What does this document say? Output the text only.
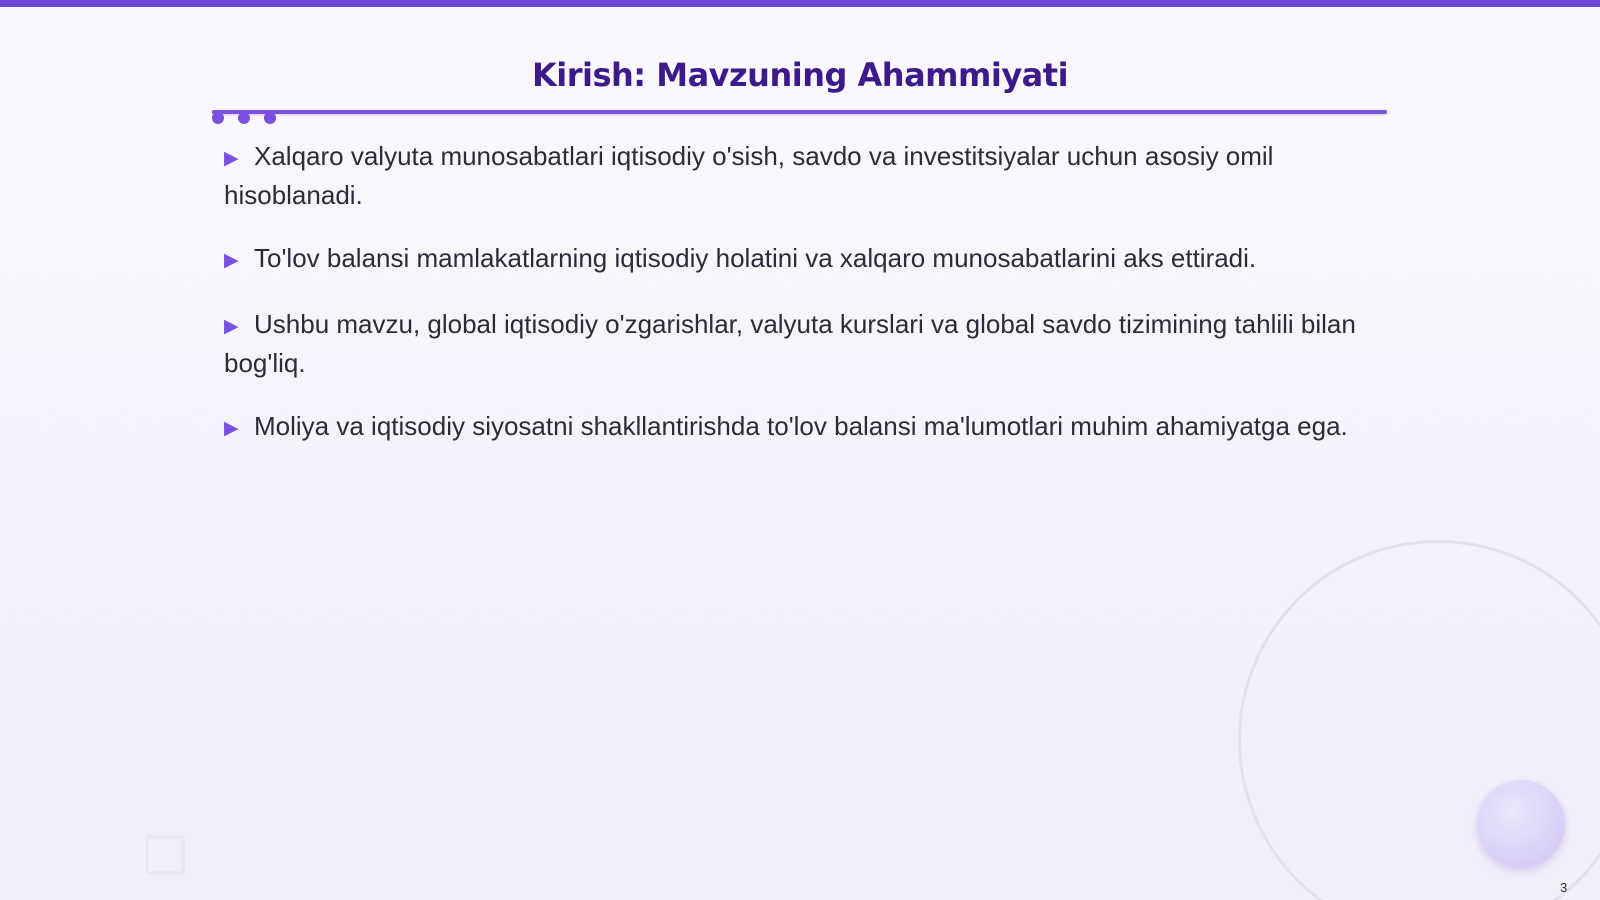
Kirish: Mavzuning Ahammiyati
▶ Xalqaro valyuta munosabatlari iqtisodiy o'sish, savdo va investitsiyalar uchun asosiy omil hisoblanadi.
▶ To'lov balansi mamlakatlarning iqtisodiy holatini va xalqaro munosabatlarini aks ettiradi.
▶ Ushbu mavzu, global iqtisodiy o'zgarishlar, valyuta kurslari va global savdo tizimining tahlili bilan bog'liq.
▶ Moliya va iqtisodiy siyosatni shakllantirishda to'lov balansi ma'lumotlari muhim ahamiyatga ega.
3
